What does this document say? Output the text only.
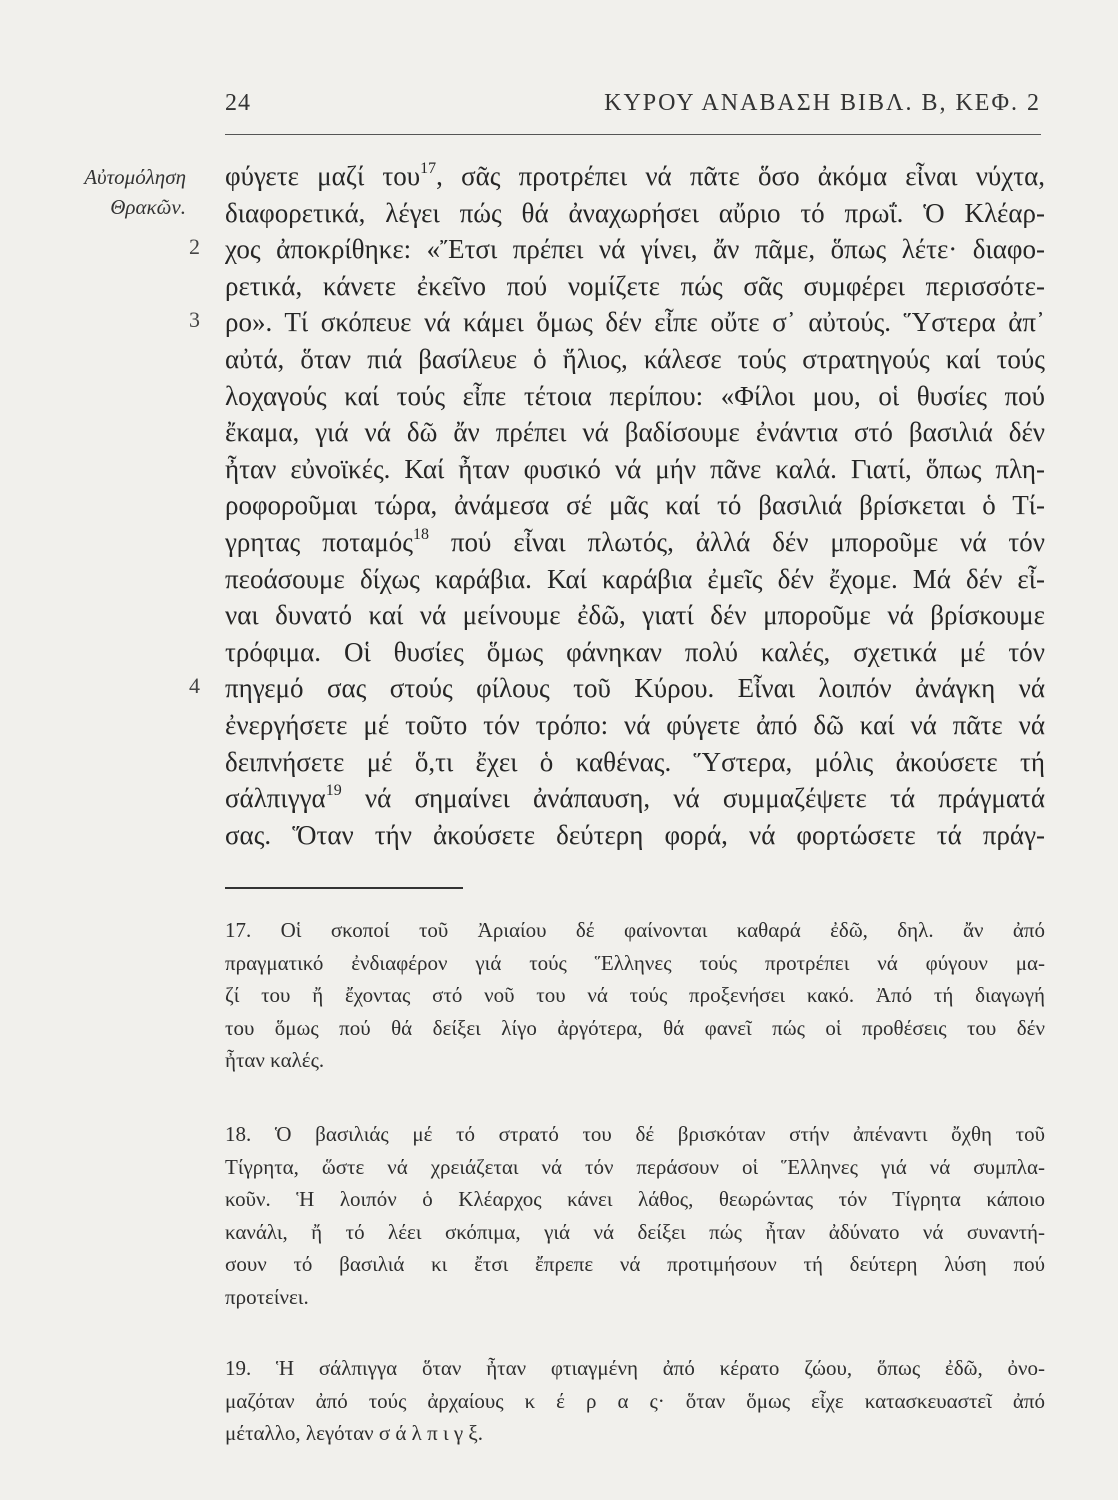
24	ΚΥΡΟΥ ΑΝΑΒΑΣΗ ΒΙΒΛ. Β, ΚΕΦ. 2
Αὐτομόληση
Θρακῶν.
2
3
4
φύγετε μαζί του$^{17}$, σᾶς προτρέπει νά πᾶτε ὅσο ἀκόμα εἶναι νύχτα,
διαφορετικά, λέγει πώς θά ἀναχωρήσει αὔριο τό πρωΐ. Ὁ Κλέαρ-
χος ἀποκρίθηκε: «Ἔτσι πρέπει νά γίνει, ἄν πᾶμε, ὅπως λέτε· διαφο-
ρετικά, κάνετε ἐκεῖνο πού νομίζετε πώς σᾶς συμφέρει περισσότε-
ρο». Τί σκόπευε νά κάμει ὅμως δέν εἶπε οὔτε σ᾽ αὐτούς. Ὕστερα ἀπ᾽
αὐτά, ὅταν πιά βασίλευε ὁ ἥλιος, κάλεσε τούς στρατηγούς καί τούς
λοχαγούς καί τούς εἶπε τέτοια περίπου: «Φίλοι μου, οἱ θυσίες πού
ἔκαμα, γιά νά δῶ ἄν πρέπει νά βαδίσουμε ἐνάντια στό βασιλιά δέν
ἦταν εὐνοϊκές. Καί ἦταν φυσικό νά μήν πᾶνε καλά. Γιατί, ὅπως πλη-
ροφοροῦμαι τώρα, ἀνάμεσα σέ μᾶς καί τό βασιλιά βρίσκεται ὁ Τί-
γρητας ποταμός$^{18}$ πού εἶναι πλωτός, ἀλλά δέν μποροῦμε νά τόν
πεoάσουμε δίχως καράβια. Καί καράβια ἐμεῖς δέν ἔχομε. Μά δέν εἶ-
ναι δυνατό καί νά μείνουμε ἐδῶ, γιατί δέν μποροῦμε νά βρίσκουμε
τρόφιμα. Οἱ θυσίες ὅμως φάνηκαν πολύ καλές, σχετικά μέ τόν
πηγεμό σας στούς φίλους τοῦ Κύρου. Εἶναι λοιπόν ἀνάγκη νά
ἐνεργήσετε μέ τοῦτο τόν τρόπο: νά φύγετε ἀπό δῶ καί νά πᾶτε νά
δειπνήσετε μέ ὅ,τι ἔχει ὁ καθένας. Ὕστερα, μόλις ἀκούσετε τή
σάλπιγγα$^{19}$ νά σημαίνει ἀνάπαυση, νά συμμαζέψετε τά πράγματά
σας. Ὅταν τήν ἀκούσετε δεύτερη φορά, νά φορτώσετε τά πράγ-
17. Οἱ σκοποί τοῦ Ἀριαίου δέ φαίνονται καθαρά ἐδῶ, δηλ. ἄν ἀπό
πραγματικό ἐνδιαφέρον γιά τούς Ἕλληνες τούς προτρέπει νά φύγουν μα-
ζί του ἤ ἔχοντας στό νοῦ του νά τούς προξενήσει κακό. Ἀπό τή διαγωγή
του ὅμως πού θά δείξει λίγο ἀργότερα, θά φανεῖ πώς οἱ προθέσεις του δέν
ἦταν καλές.
18. Ὁ βασιλιάς μέ τό στρατό του δέ βρισκόταν στήν ἀπέναντι ὄχθη τοῦ
Τίγρητα, ὥστε νά χρειάζεται νά τόν περάσουν οἱ Ἕλληνες γιά νά συμπλα-
κοῦν. Ἡ λοιπόν ὁ Κλέαρχος κάνει λάθος, θεωρώντας τόν Τίγρητα κάποιο
κανάλι, ἤ τό λέει σκόπιμα, γιά νά δείξει πώς ἦταν ἀδύνατο νά συναντή-
σουν τό βασιλιά κι ἔτσι ἔπρεπε νά προτιμήσουν τή δεύτερη λύση πού
προτείνει.
19. Ἡ σάλπιγγα ὅταν ἦταν φτιαγμένη ἀπό κέρατο ζώου, ὅπως ἐδῶ, ὀνο-
μαζόταν ἀπό τούς ἀρχαίους κ έ ρ α ς· ὅταν ὅμως εἶχε κατασκευαστεῖ ἀπό
μέταλλο, λεγόταν σ ά λ π ι γ ξ.
